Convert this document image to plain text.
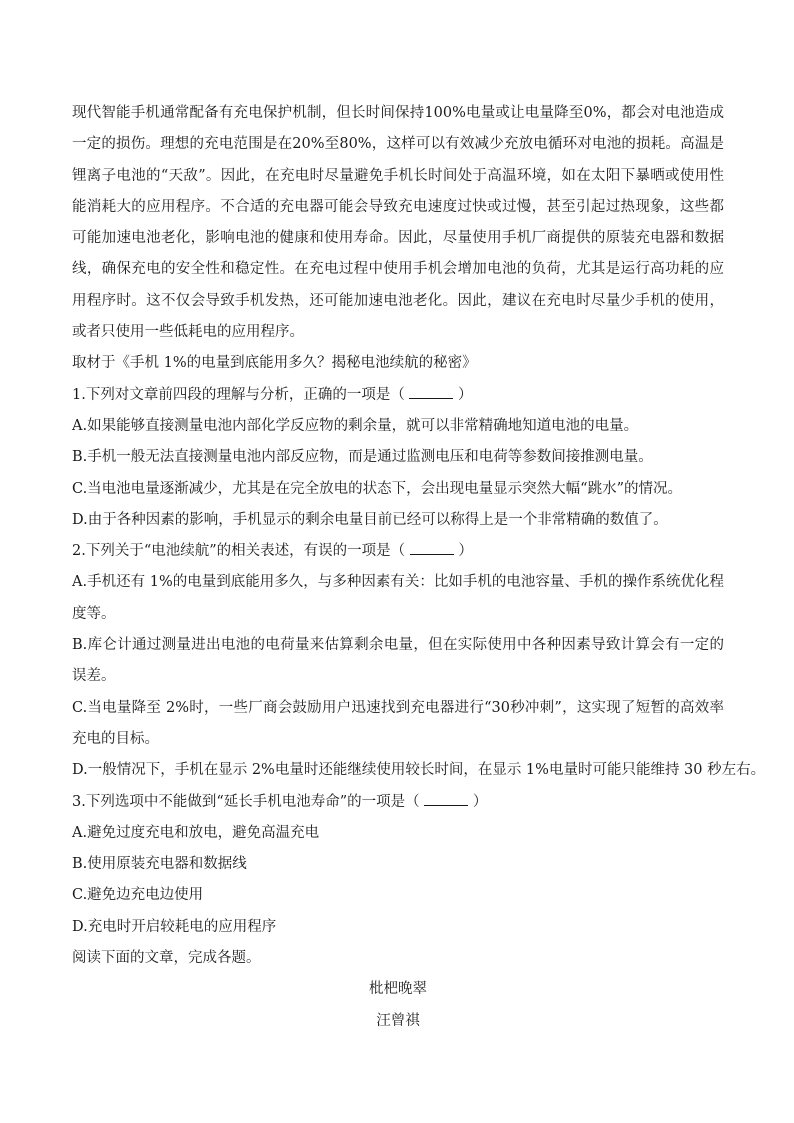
现代智能手机通常配备有充电保护机制，但长时间保持100%电量或让电量降至0%，都会对电池造成一定的损伤。理想的充电范围是在20%至80%，这样可以有效减少充放电循环对电池的损耗。高温是锂离子电池的“天敌”。因此，在充电时尽量避免手机长时间处于高温环境，如在太阳下暴晒或使用性能消耗大的应用程序。不合适的充电器可能会导致充电速度过快或过慢，甚至引起过热现象，这些都可能加速电池老化，影响电池的健康和使用寿命。因此，尽量使用手机厂商提供的原装充电器和数据线，确保充电的安全性和稳定性。在充电过程中使用手机会增加电池的负荷，尤其是运行高功耗的应用程序时。这不仅会导致手机发热，还可能加速电池老化。因此，建议在充电时尽量少手机的使用，或者只使用一些低耗电的应用程序。

取材于《手机 1%的电量到底能用多久？揭秘电池续航的秘密》

1.下列对文章前四段的理解与分析，正确的一项是（	）

A.如果能够直接测量电池内部化学反应物的剩余量，就可以非常精确地知道电池的电量。

B.手机一般无法直接测量电池内部反应物，而是通过监测电压和电荷等参数间接推测电量。

C.当电池电量逐渐减少，尤其是在完全放电的状态下，会出现电量显示突然大幅“跳水”的情况。

D.由于各种因素的影响，手机显示的剩余电量目前已经可以称得上是一个非常精确的数值了。

2.下列关于“电池续航”的相关表述，有误的一项是（	）

A.手机还有 1%的电量到底能用多久，与多种因素有关：比如手机的电池容量、手机的操作系统优化程度等。

B.库仑计通过测量进出电池的电荷量来估算剩余电量，但在实际使用中各种因素导致计算会有一定的误差。

C.当电量降至 2%时，一些厂商会鼓励用户迅速找到充电器进行“30秒冲刺”，这实现了短暂的高效率充电的目标。

D.一般情况下，手机在显示 2%电量时还能继续使用较长时间，在显示 1%电量时可能只能维持 30 秒左右。

3.下列选项中不能做到“延长手机电池寿命”的一项是（	）

A.避免过度充电和放电，避免高温充电

B.使用原装充电器和数据线

C.避免边充电边使用

D.充电时开启较耗电的应用程序

阅读下面的文章，完成各题。

枇杷晚翠

汪曾祺
